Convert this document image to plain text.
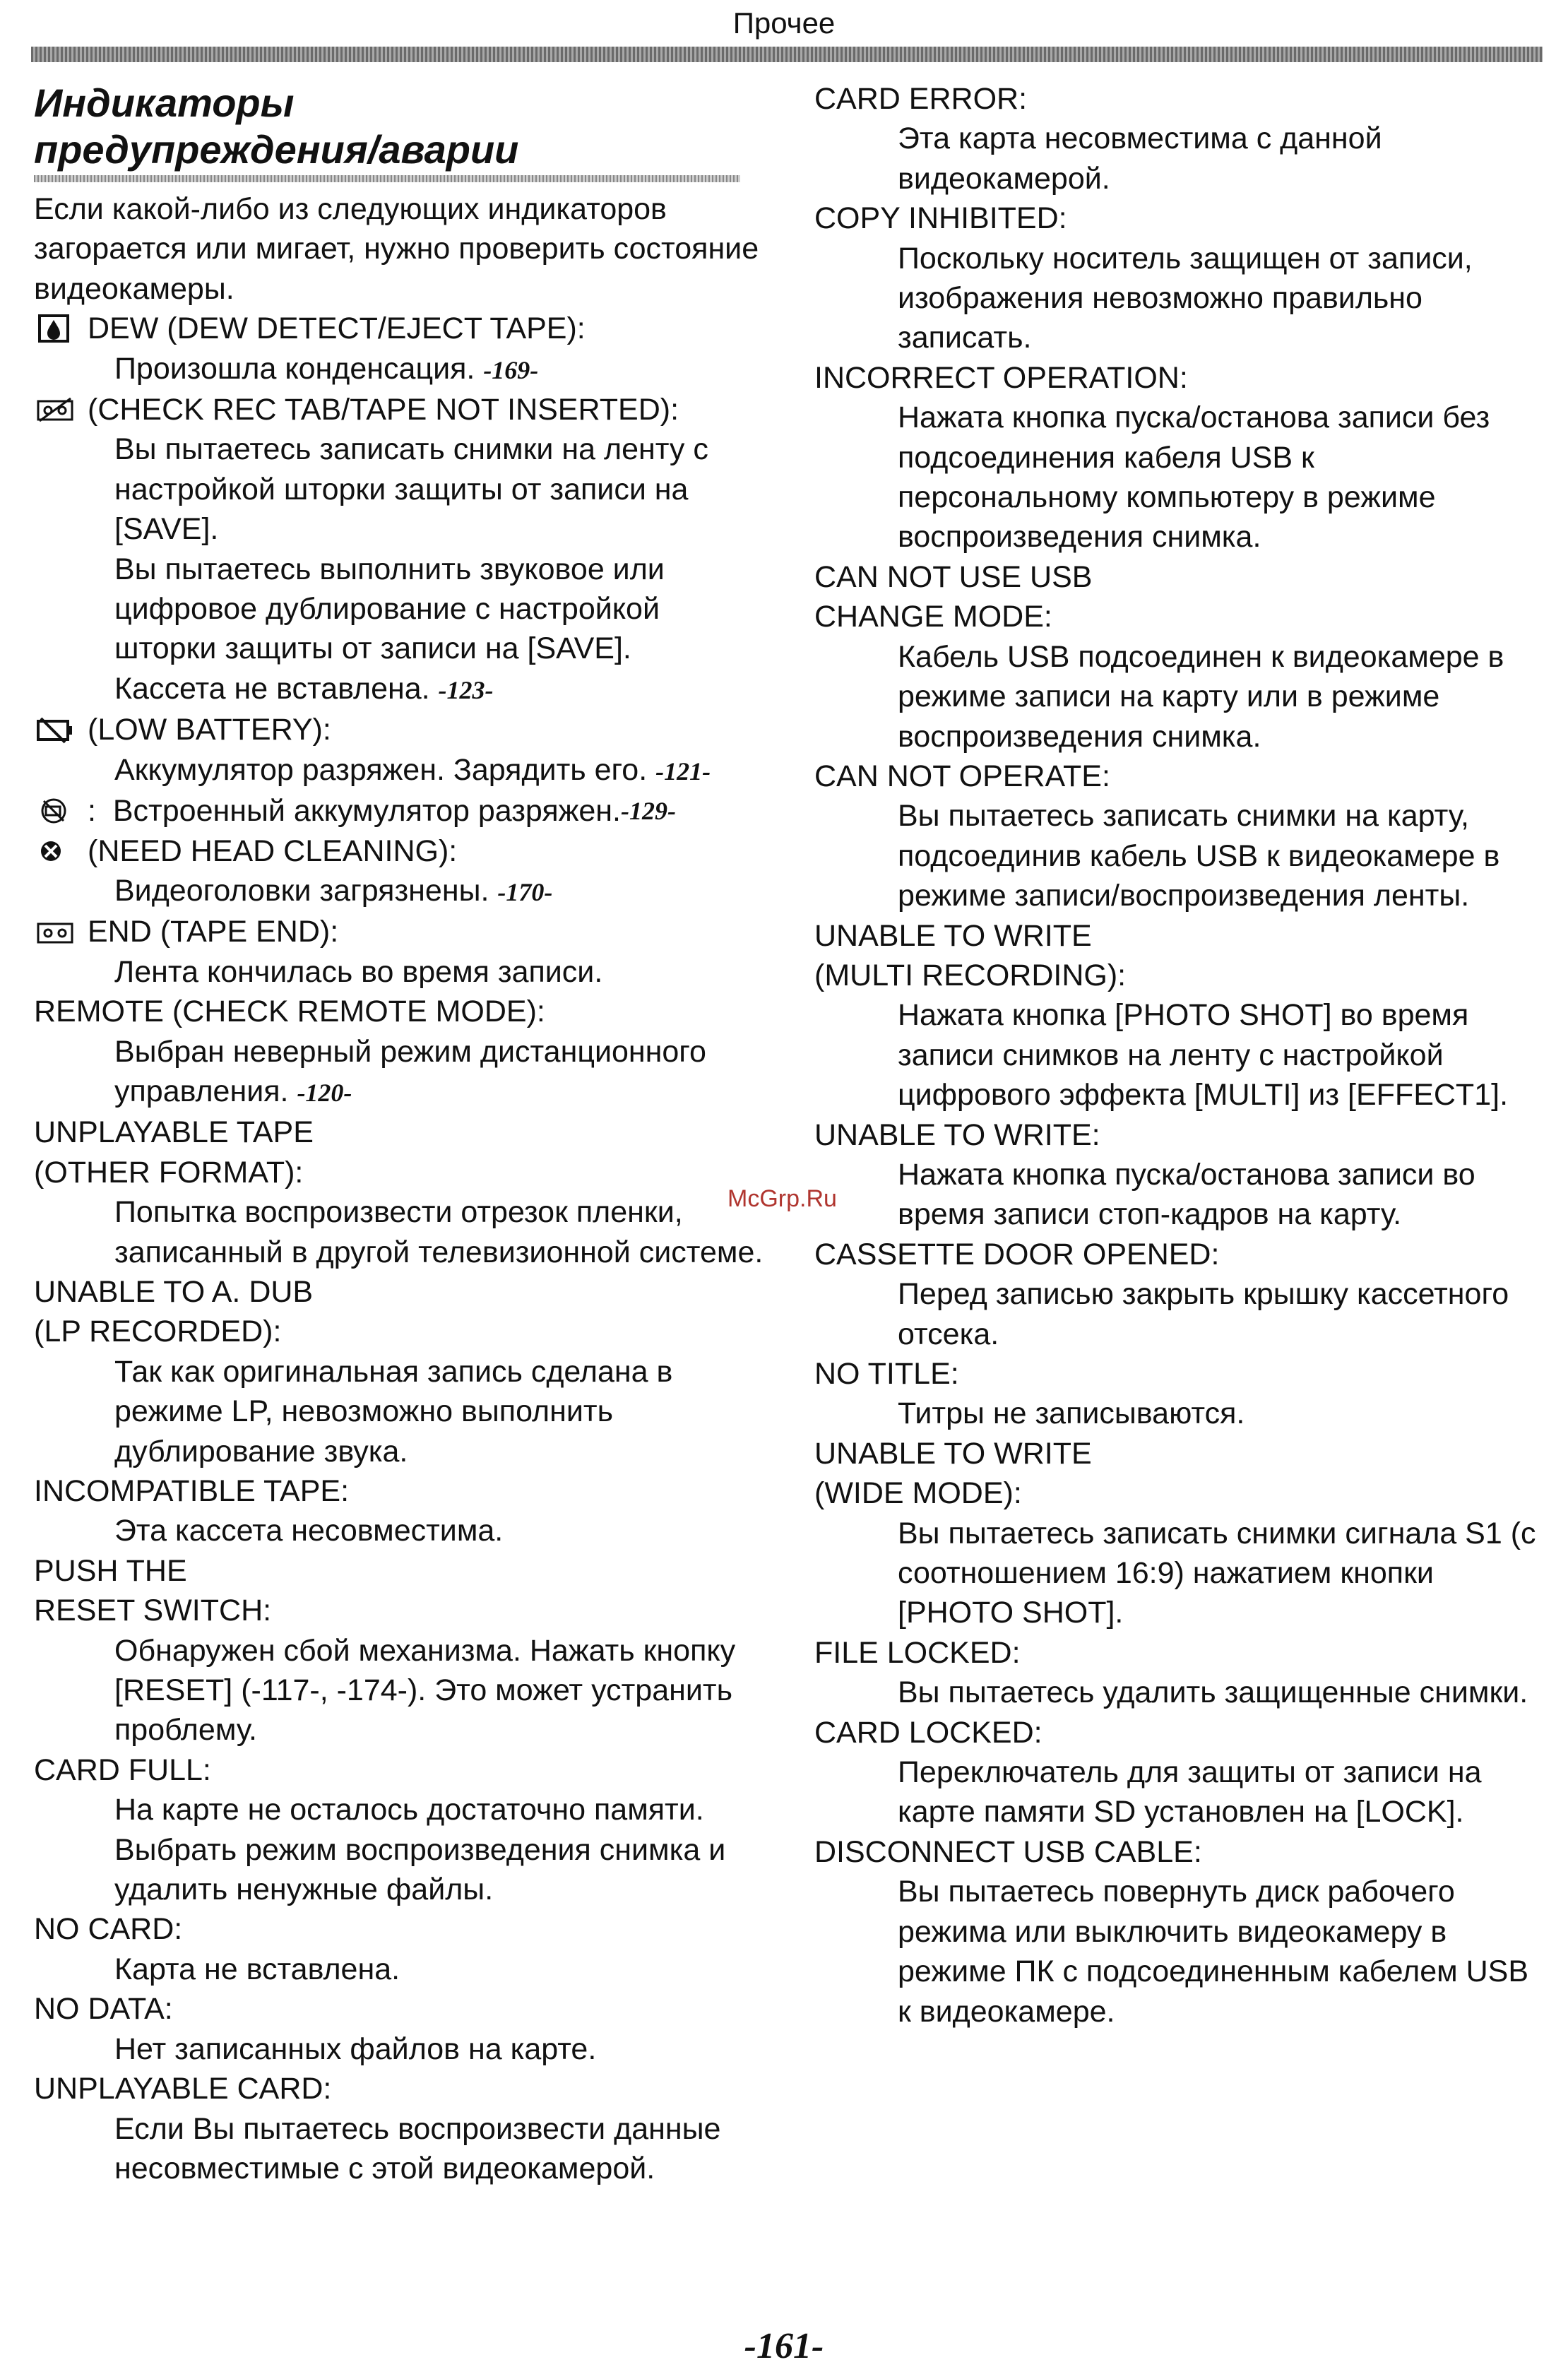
Прочее
Индикаторы
предупреждения/аварии
Если какой-либо из следующих индикаторов загорается или мигает, нужно проверить состояние видеокамеры.
DEW (DEW DETECT/EJECT TAPE):
Произошла конденсация. -169-
(CHECK REC TAB/TAPE NOT INSERTED):
Вы пытаетесь записать снимки на ленту с настройкой шторки защиты от записи на [SAVE].
Вы пытаетесь выполнить звуковое или цифровое дублирование с настройкой шторки защиты от записи на [SAVE].
Кассета не вставлена. -123-
(LOW BATTERY):
Аккумулятор разряжен. Зарядить его. -121-
:
Встроенный аккумулятор разряжен. -129-
(NEED HEAD CLEANING):
Видеоголовки загрязнены. -170-
END (TAPE END):
Лента кончилась во время записи.
REMOTE (CHECK REMOTE MODE):
Выбран неверный режим дистанционного управления. -120-
UNPLAYABLE TAPE
(OTHER FORMAT):
Попытка воспроизвести отрезок пленки, записанный в другой телевизионной системе.
UNABLE TO A. DUB
(LP RECORDED):
Так как оригинальная запись сделана в режиме LP, невозможно выполнить дублирование звука.
INCOMPATIBLE TAPE:
Эта кассета несовместима.
PUSH THE
RESET SWITCH:
Обнаружен сбой механизма. Нажать кнопку [RESET] (-117-, -174-). Это может устранить проблему.
CARD FULL:
На карте не осталось достаточно памяти.
Выбрать режим воспроизведения снимка и удалить ненужные файлы.
NO CARD:
Карта не вставлена.
NO DATA:
Нет записанных файлов на карте.
UNPLAYABLE CARD:
Если Вы пытаетесь воспроизвести данные несовместимые с этой видеокамерой.
CARD ERROR:
Эта карта несовместима с данной видеокамерой.
COPY INHIBITED:
Поскольку носитель защищен от записи, изображения невозможно правильно записать.
INCORRECT OPERATION:
Нажата кнопка пуска/останова записи без подсоединения кабеля USB к персональному компьютеру в режиме воспроизведения снимка.
CAN NOT USE USB
CHANGE MODE:
Кабель USB подсоединен к видеокамере в режиме записи на карту или в режиме воспроизведения снимка.
CAN NOT OPERATE:
Вы пытаетесь записать снимки на карту, подсоединив кабель USB к видеокамере в режиме записи/воспроизведения ленты.
UNABLE TO WRITE
(MULTI RECORDING):
Нажата кнопка [PHOTO SHOT] во время записи снимков на ленту с настройкой цифрового эффекта [MULTI] из [EFFECT1].
UNABLE TO WRITE:
Нажата кнопка пуска/останова записи во время записи стоп-кадров на карту.
CASSETTE DOOR OPENED:
Перед записью закрыть крышку кассетного отсека.
NO TITLE:
Титры не записываются.
UNABLE TO WRITE
(WIDE MODE):
Вы пытаетесь записать снимки сигнала S1 (с соотношением 16:9) нажатием кнопки [PHOTO SHOT].
FILE LOCKED:
Вы пытаетесь удалить защищенные снимки.
CARD LOCKED:
Переключатель для защиты от записи на карте памяти SD установлен на [LOCK].
DISCONNECT USB CABLE:
Вы пытаетесь повернуть диск рабочего режима или выключить видеокамеру в режиме ПК с подсоединенным кабелем USB к видеокамере.
McGrp.Ru
-161-
